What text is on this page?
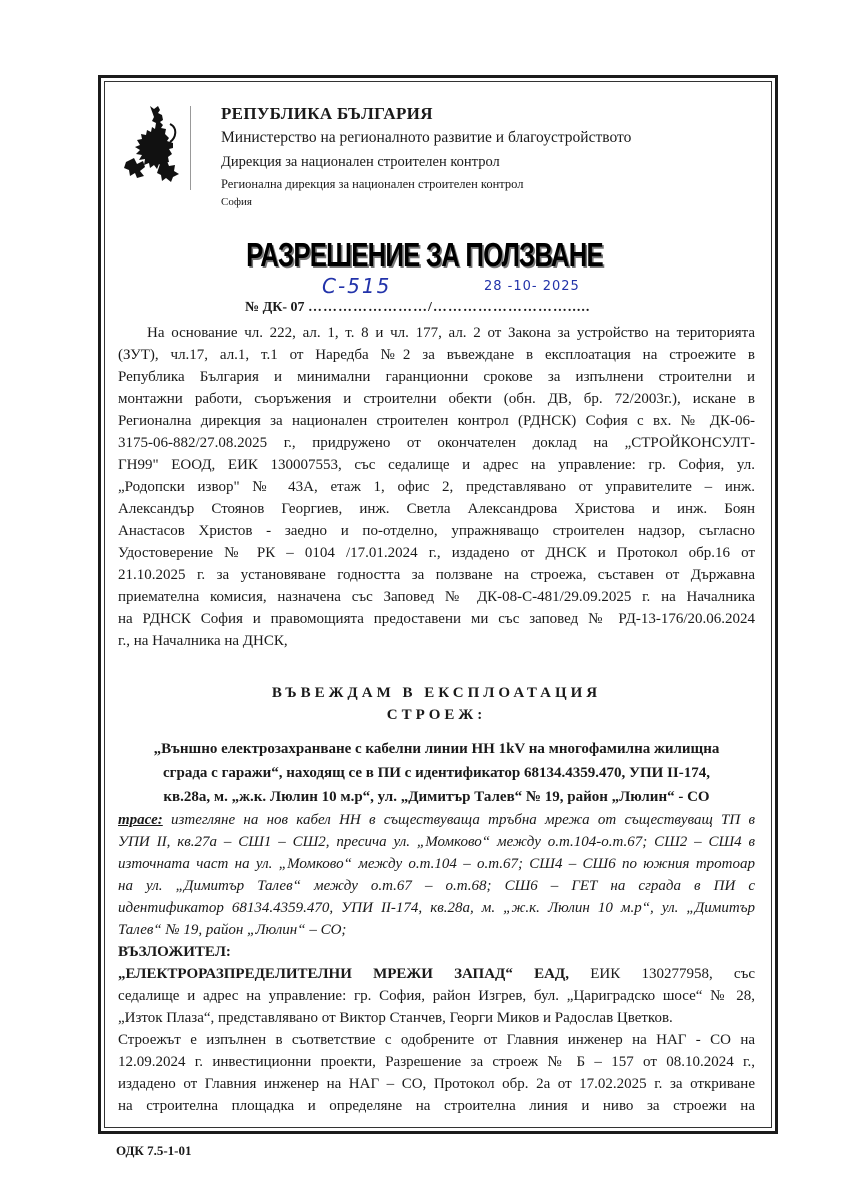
РЕПУБЛИКА БЪЛГАРИЯ
Министерство на регионалното развитие и благоустройството
Дирекция за национален строителен контрол
Регионална дирекция за национален строителен контрол
София
РАЗРЕШЕНИЕ ЗА ПОЛЗВАНЕ
С-515	28 -10- 2025
№ ДК- 07 ……………………/……………………….....
На основание чл. 222, ал. 1, т. 8 и чл. 177, ал. 2 от Закона за устройство на територията
(ЗУТ), чл.17, ал.1, т.1 от Наредба №2 за въвеждане в експлоатация на строежите в
Република България и минимални гаранционни срокове за изпълнени строителни и
монтажни работи, съоръжения и строителни обекти (обн. ДВ, бр. 72/2003г.), искане в
Регионална дирекция за национален строителен контрол (РДНСК) София с вх. № ДК-06-
3175-06-882/27.08.2025 г., придружено от окончателен доклад на „СТРОЙКОНСУЛТ-
ГН99" ЕООД, ЕИК 130007553, със седалище и адрес на управление: гр. София, ул.
„Родопски извор" № 43А, етаж 1, офис 2, представлявано от управителите – инж.
Александър Стоянов Георгиев, инж. Светла Александрова Христова и инж. Боян
Анастасов Христов - заедно и по-отделно, упражняващо строителен надзор, съгласно
Удостоверение № РК – 0104 /17.01.2024 г., издадено от ДНСК и Протокол обр.16 от
21.10.2025 г. за установяване годността за ползване на строежа, съставен от Държавна
приемателна комисия, назначена със Заповед № ДК-08-С-481/29.09.2025 г. на Началника
на РДНСК София и правомощията предоставени ми със заповед № РД-13-176/20.06.2024
г., на Началника на ДНСК,
ВЪВЕЖДАМ В ЕКСПЛОАТАЦИЯ
СТРОЕЖ:
„Външно електрозахранване с кабелни линии НН 1kV на многофамилна жилищна
сграда с гаражи“, находящ се в ПИ с идентификатор 68134.4359.470, УПИ II-174,
кв.28а, м. „ж.к. Люлин 10 м.р“, ул. „Димитър Талев“ № 19, район „Люлин“ - СО
трасе: изтегляне на нов кабел НН в съществуваща тръбна мрежа от съществуващ ТП в
УПИ II, кв.27а – СШ1 – СШ2, пресича ул. „Момково“ между о.т.104-о.т.67; СШ2 – СШ4 в
източната част на ул. „Момково“ между о.т.104 – о.т.67; СШ4 – СШ6 по южния тротоар
на ул. „Димитър Талев“ между о.т.67 – о.т.68; СШ6 – ГЕТ на сграда в ПИ с
идентификатор 68134.4359.470, УПИ II-174, кв.28а, м. „ж.к. Люлин 10 м.р“, ул. „Димитър
Талев“ № 19, район „Люлин“ – СО;
ВЪЗЛОЖИТЕЛ:
„ЕЛЕКТРОРАЗПРЕДЕЛИТЕЛНИ МРЕЖИ ЗАПАД“ ЕАД, ЕИК 130277958, със
седалище и адрес на управление: гр. София, район Изгрев, бул. „Цариградско шосе“ № 28,
„Изток Плаза“, представлявано от Виктор Станчев, Георги Миков и Радослав Цветков.
Строежът е изпълнен в съответствие с одобрените от Главния инженер на НАГ - СО на
12.09.2024 г. инвестиционни проекти, Разрешение за строеж № Б – 157 от 08.10.2024 г.,
издадено от Главния инженер на НАГ – СО, Протокол обр. 2а от 17.02.2025 г. за откриване
на строителна площадка и определяне на строителна линия и ниво за строежи на
ОДК 7.5-1-01
